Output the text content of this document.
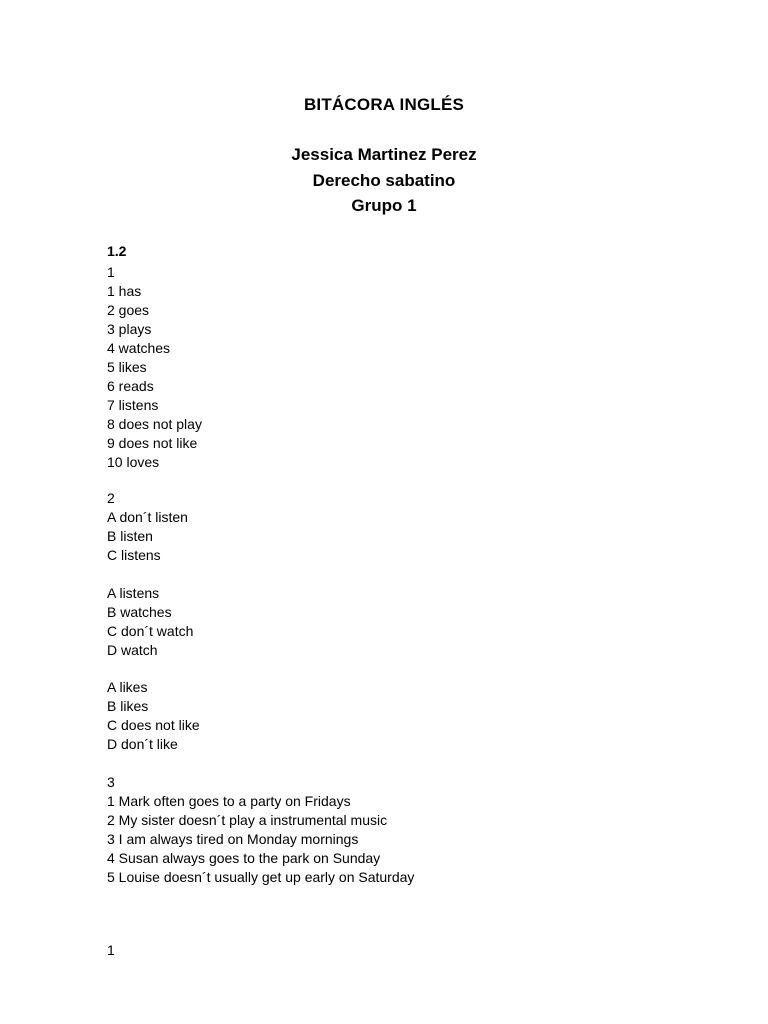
BITÁCORA INGLÉS
Jessica Martinez Perez
Derecho sabatino
Grupo 1
1.2
1
1 has
2 goes
3 plays
4 watches
5 likes
6 reads
7 listens
8 does not play
9 does not like
10 loves
2
A don´t listen
B listen
C listens
A listens
B watches
C don´t watch
D watch
A likes
B likes
C does not like
D don´t like
3
1 Mark often goes to a party on Fridays
2 My sister doesn´t play a instrumental music
3 I am always tired on Monday mornings
4 Susan always goes to the park on Sunday
5 Louise doesn´t usually get up early on Saturday
1
